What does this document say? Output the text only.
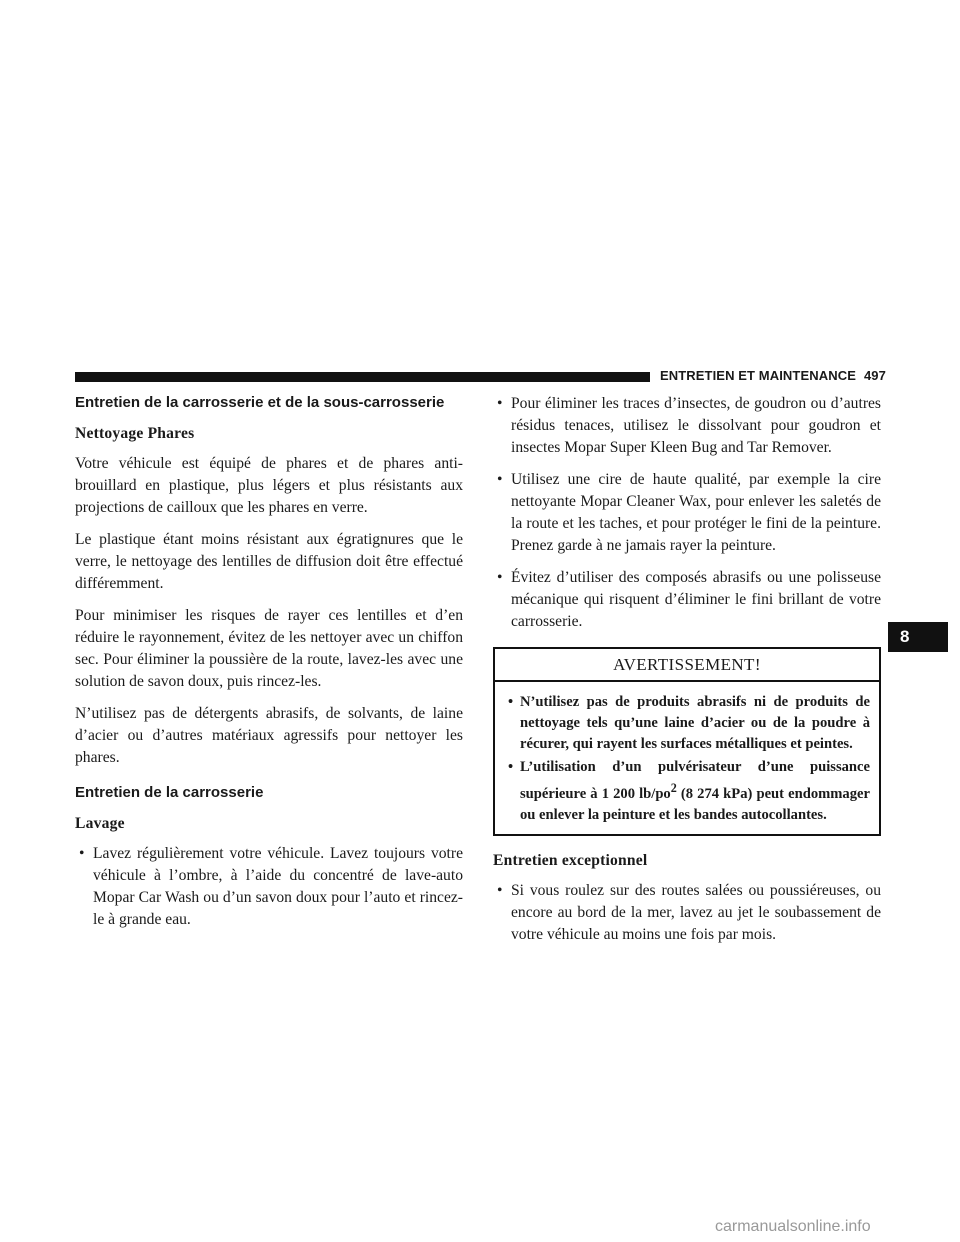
ENTRETIEN ET MAINTENANCE 497
Entretien de la carrosserie et de la sous-carrosserie
Nettoyage Phares

Votre véhicule est équipé de phares et de phares anti-brouillard en plastique, plus légers et plus résistants aux projections de cailloux que les phares en verre.

Le plastique étant moins résistant aux égratignures que le verre, le nettoyage des lentilles de diffusion doit être effectué différemment.

Pour minimiser les risques de rayer ces lentilles et d’en réduire le rayonnement, évitez de les nettoyer avec un chiffon sec. Pour éliminer la poussière de la route, lavez-les avec une solution de savon doux, puis rincez-les.

N’utilisez pas de détergents abrasifs, de solvants, de laine d’acier ou d’autres matériaux agressifs pour nettoyer les phares.

Entretien de la carrosserie
Lavage
• Lavez régulièrement votre véhicule. Lavez toujours votre véhicule à l’ombre, à l’aide du concentré de lave-auto Mopar Car Wash ou d’un savon doux pour l’auto et rincez-le à grande eau.
• Pour éliminer les traces d’insectes, de goudron ou d’autres résidus tenaces, utilisez le dissolvant pour goudron et insectes Mopar Super Kleen Bug and Tar Remover.
• Utilisez une cire de haute qualité, par exemple la cire nettoyante Mopar Cleaner Wax, pour enlever les saletés de la route et les taches, et pour protéger le fini de la peinture. Prenez garde à ne jamais rayer la peinture.
• Évitez d’utiliser des composés abrasifs ou une polisseuse mécanique qui risquent d’éliminer le fini brillant de votre carrosserie.
AVERTISSEMENT!
• N’utilisez pas de produits abrasifs ni de produits de nettoyage tels qu’une laine d’acier ou de la poudre à récurer, qui rayent les surfaces métalliques et peintes.
• L’utilisation d’un pulvérisateur d’une puissance supérieure à 1 200 $lb/po^2$ (8 274 kPa) peut endommager ou enlever la peinture et les bandes autocollantes.
Entretien exceptionnel
• Si vous roulez sur des routes salées ou poussiéreuses, ou encore au bord de la mer, lavez au jet le soubassement de votre véhicule au moins une fois par mois.
8
carmanualsonline.info
